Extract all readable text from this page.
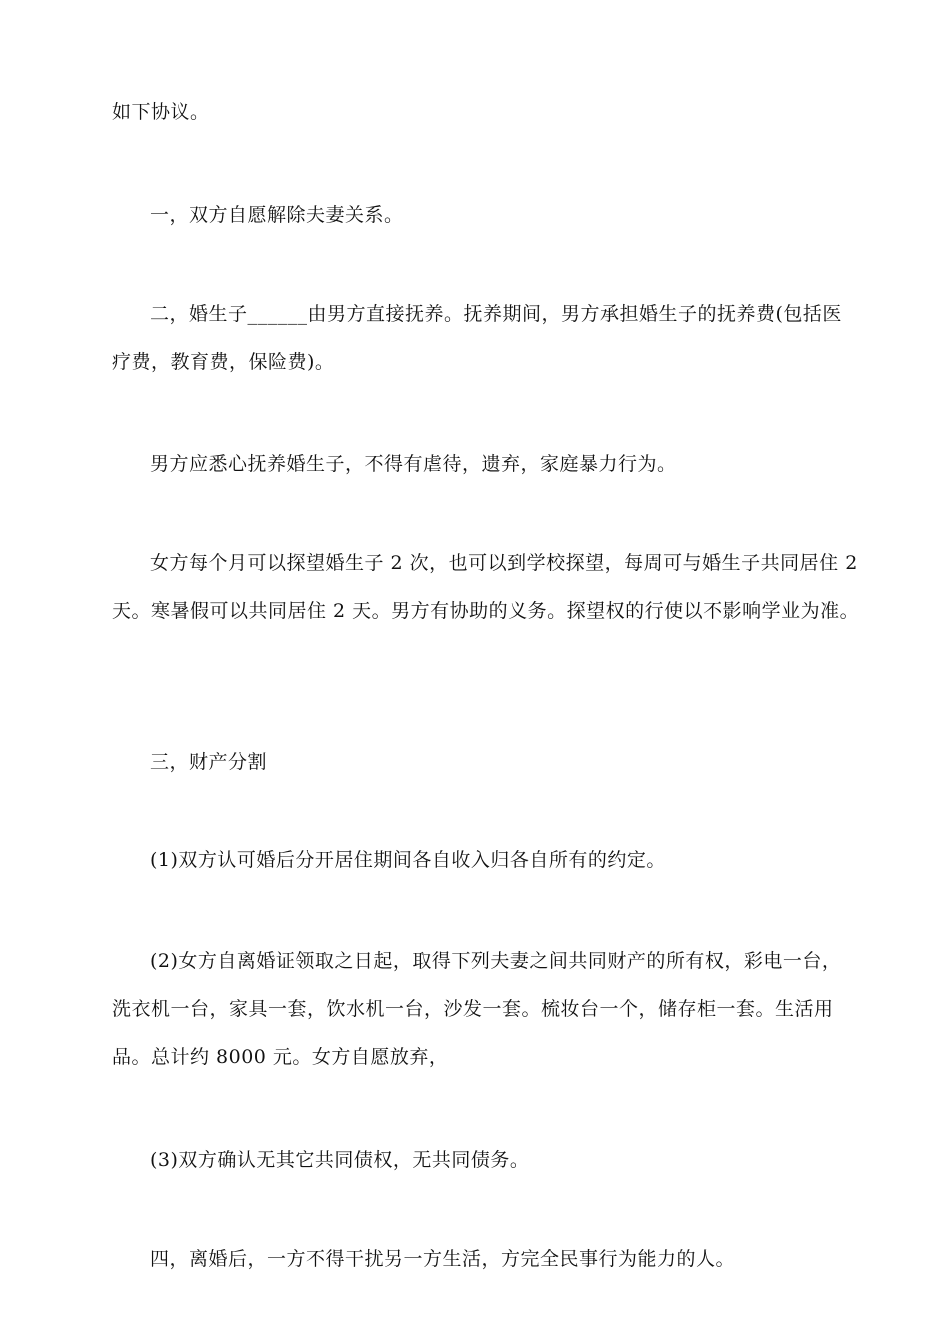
如下协议。

一，双方自愿解除夫妻关系。

二，婚生子______由男方直接抚养。抚养期间，男方承担婚生子的抚养费(包括医
疗费，教育费，保险费)。

男方应悉心抚养婚生子，不得有虐待，遗弃，家庭暴力行为。

女方每个月可以探望婚生子 2 次，也可以到学校探望，每周可与婚生子共同居住 2
天。寒暑假可以共同居住 2 天。男方有协助的义务。探望权的行使以不影响学业为准。

三，财产分割

(1)双方认可婚后分开居住期间各自收入归各自所有的约定。

(2)女方自离婚证领取之日起，取得下列夫妻之间共同财产的所有权，彩电一台，
洗衣机一台，家具一套，饮水机一台，沙发一套。梳妆台一个，储存柜一套。生活用
品。总计约 8000 元。女方自愿放弃，

(3)双方确认无其它共同债权，无共同债务。

四，离婚后，一方不得干扰另一方生活，方完全民事行为能力的人。
